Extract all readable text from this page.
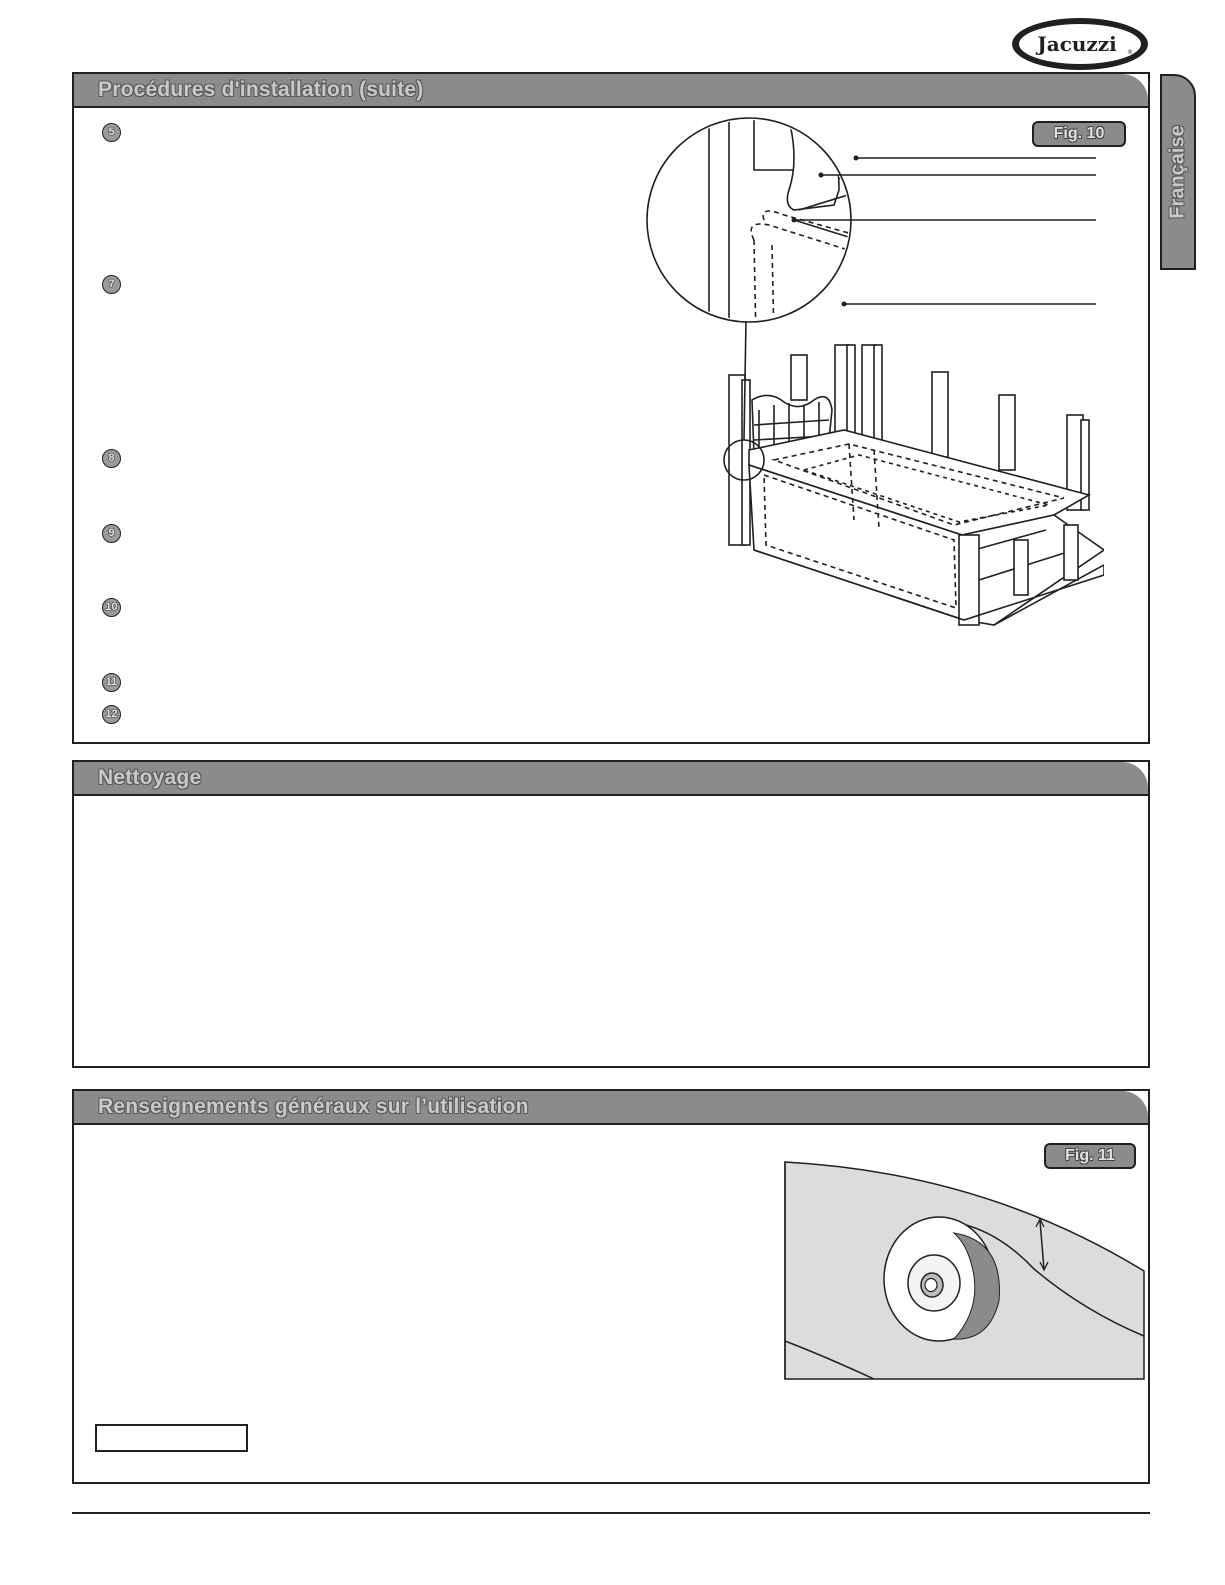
Jacuzzi ®
Française
Procédures d'installation (suite)
5
7
8
9
10
11
12
Fig. 10
Nettoyage
Renseignements généraux sur l’utilisation
Fig. 11
